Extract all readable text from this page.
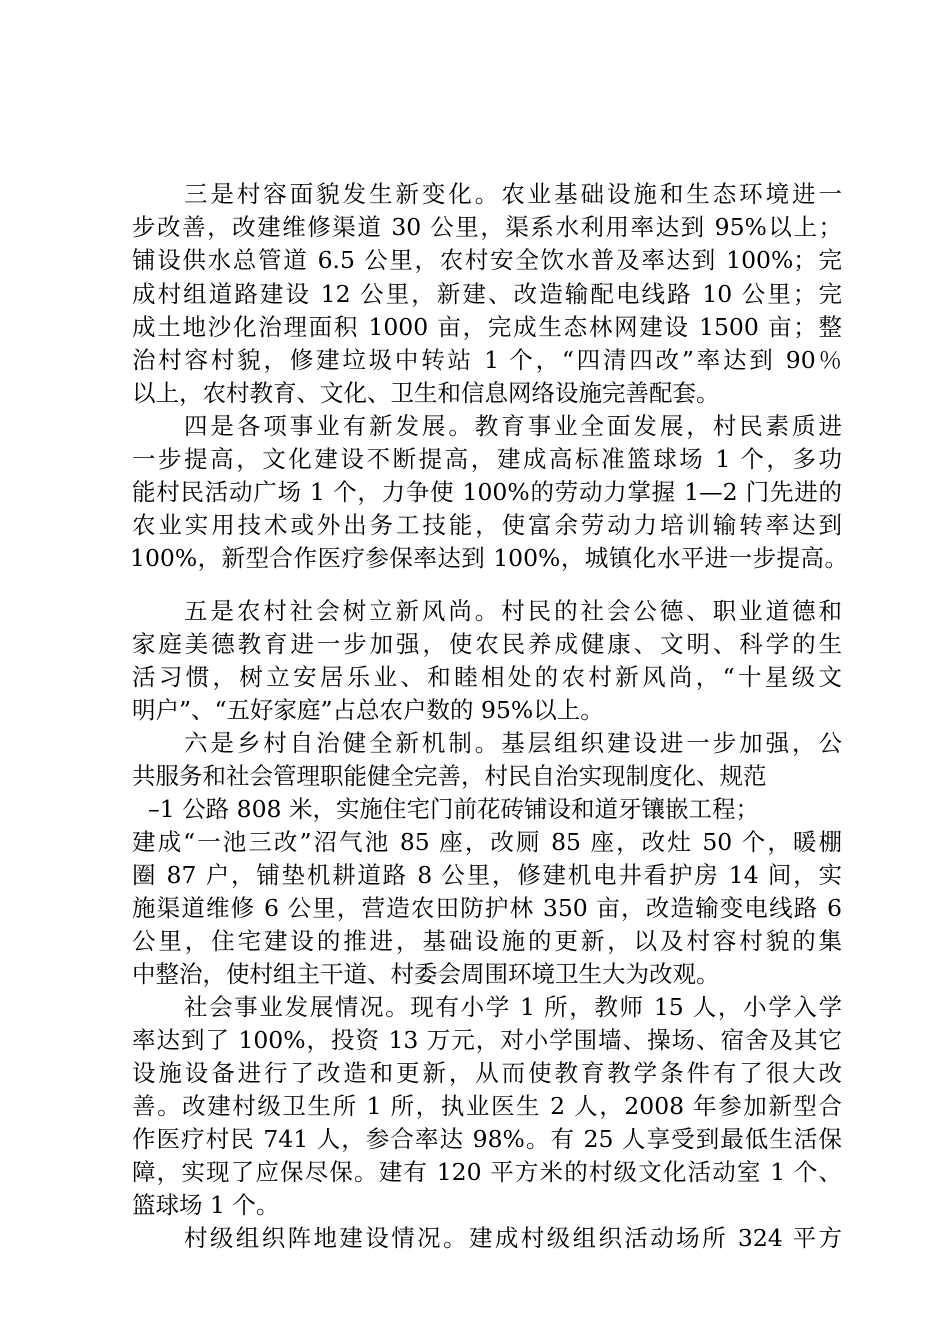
三是村容面貌发生新变化。农业基础设施和生态环境进一
步改善，改建维修渠道 30 公里，渠系水利用率达到 95%以上；
铺设供水总管道 6.5 公里，农村安全饮水普及率达到 100%；完
成村组道路建设 12 公里，新建、改造输配电线路 10 公里；完
成土地沙化治理面积 1000 亩，完成生态林网建设 1500 亩；整
治村容村貌，修建垃圾中转站 1 个，“四清四改”率达到 90％
以上，农村教育、文化、卫生和信息网络设施完善配套。
四是各项事业有新发展。教育事业全面发展，村民素质进
一步提高，文化建设不断提高，建成高标准篮球场 1 个，多功
能村民活动广场 1 个，力争使 100%的劳动力掌握 1—2 门先进的
农业实用技术或外出务工技能，使富余劳动力培训输转率达到
100%，新型合作医疗参保率达到 100%，城镇化水平进一步提高。
五是农村社会树立新风尚。村民的社会公德、职业道德和
家庭美德教育进一步加强，使农民养成健康、文明、科学的生
活习惯，树立安居乐业、和睦相处的农村新风尚，“十星级文
明户”、“五好家庭”占总农户数的 95%以上。
六是乡村自治健全新机制。基层组织建设进一步加强，公
共服务和社会管理职能健全完善，村民自治实现制度化、规范
–1 公路 808 米，实施住宅门前花砖铺设和道牙镶嵌工程；
建成“一池三改”沼气池 85 座，改厕 85 座，改灶 50 个，暖棚
圈 87 户，铺垫机耕道路 8 公里，修建机电井看护房 14 间，实
施渠道维修 6 公里，营造农田防护林 350 亩，改造输变电线路 6
公里，住宅建设的推进，基础设施的更新，以及村容村貌的集
中整治，使村组主干道、村委会周围环境卫生大为改观。
社会事业发展情况。现有小学 1 所，教师 15 人，小学入学
率达到了 100%，投资 13 万元，对小学围墙、操场、宿舍及其它
设施设备进行了改造和更新，从而使教育教学条件有了很大改
善。改建村级卫生所 1 所，执业医生 2 人，2008 年参加新型合
作医疗村民 741 人，参合率达 98%。有 25 人享受到最低生活保
障，实现了应保尽保。建有 120 平方米的村级文化活动室 1 个、
篮球场 1 个。
村级组织阵地建设情况。建成村级组织活动场所 324 平方
